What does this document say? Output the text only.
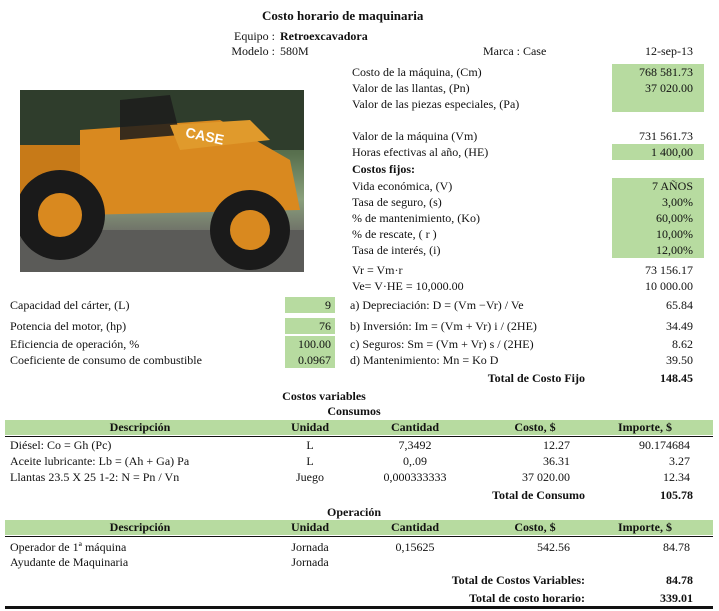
Costo horario de maquinaria
Equipo : Retroexcavadora
Modelo : 580M	Marca : Case	12-sep-13
CASE
Costo de la máquina, (Cm)	768 581.73
Valor de las llantas, (Pn)	37 020.00
Valor de las piezas especiales, (Pa)
Valor de la máquina (Vm)	731 561.73
Horas efectivas al año, (HE)	1 400,00
Costos fijos:
Vida económica, (V)	7 AÑOS
Tasa de seguro, (s)	3,00%
% de mantenimiento, (Ko)	60,00%
% de rescate, ( r )	10,00%
Tasa de interés, (i)	12,00%
Vr = Vm·r	73 156.17
Ve= V·HE = 10,000.00	10 000.00
Capacidad del cárter, (L)	9
Potencia del motor, (hp)	76
Eficiencia de operación, %	100.00
Coeficiente de consumo de combustible	0.0967
a) Depreciación: D = (Vm −Vr) / Ve	65.84
b) Inversión: Im = (Vm + Vr) i / (2HE)	34.49
c) Seguros: Sm = (Vm + Vr) s / (2HE)	8.62
d) Mantenimiento: Mn = Ko D	39.50
Total de Costo Fijo	148.45
Costos variables
Consumos
Descripción	Unidad	Cantidad	Costo, $	Importe, $
Diésel: Co = Gh (Pc)	L	7,3492	12.27	90.174684
Aceite lubricante: Lb = (Ah + Ga) Pa	L	0,.09	36.31	3.27
Llantas 23.5 X 25 1-2: N = Pn / Vn	Juego	0,000333333	37 020.00	12.34
Total de Consumo	105.78
Operación
Descripción	Unidad	Cantidad	Costo, $	Importe, $
Operador de 1ª máquina	Jornada	0,15625	542.56	84.78
Ayudante de Maquinaria	Jornada
Total de Costos Variables:	84.78
Total de costo horario:	339.01
